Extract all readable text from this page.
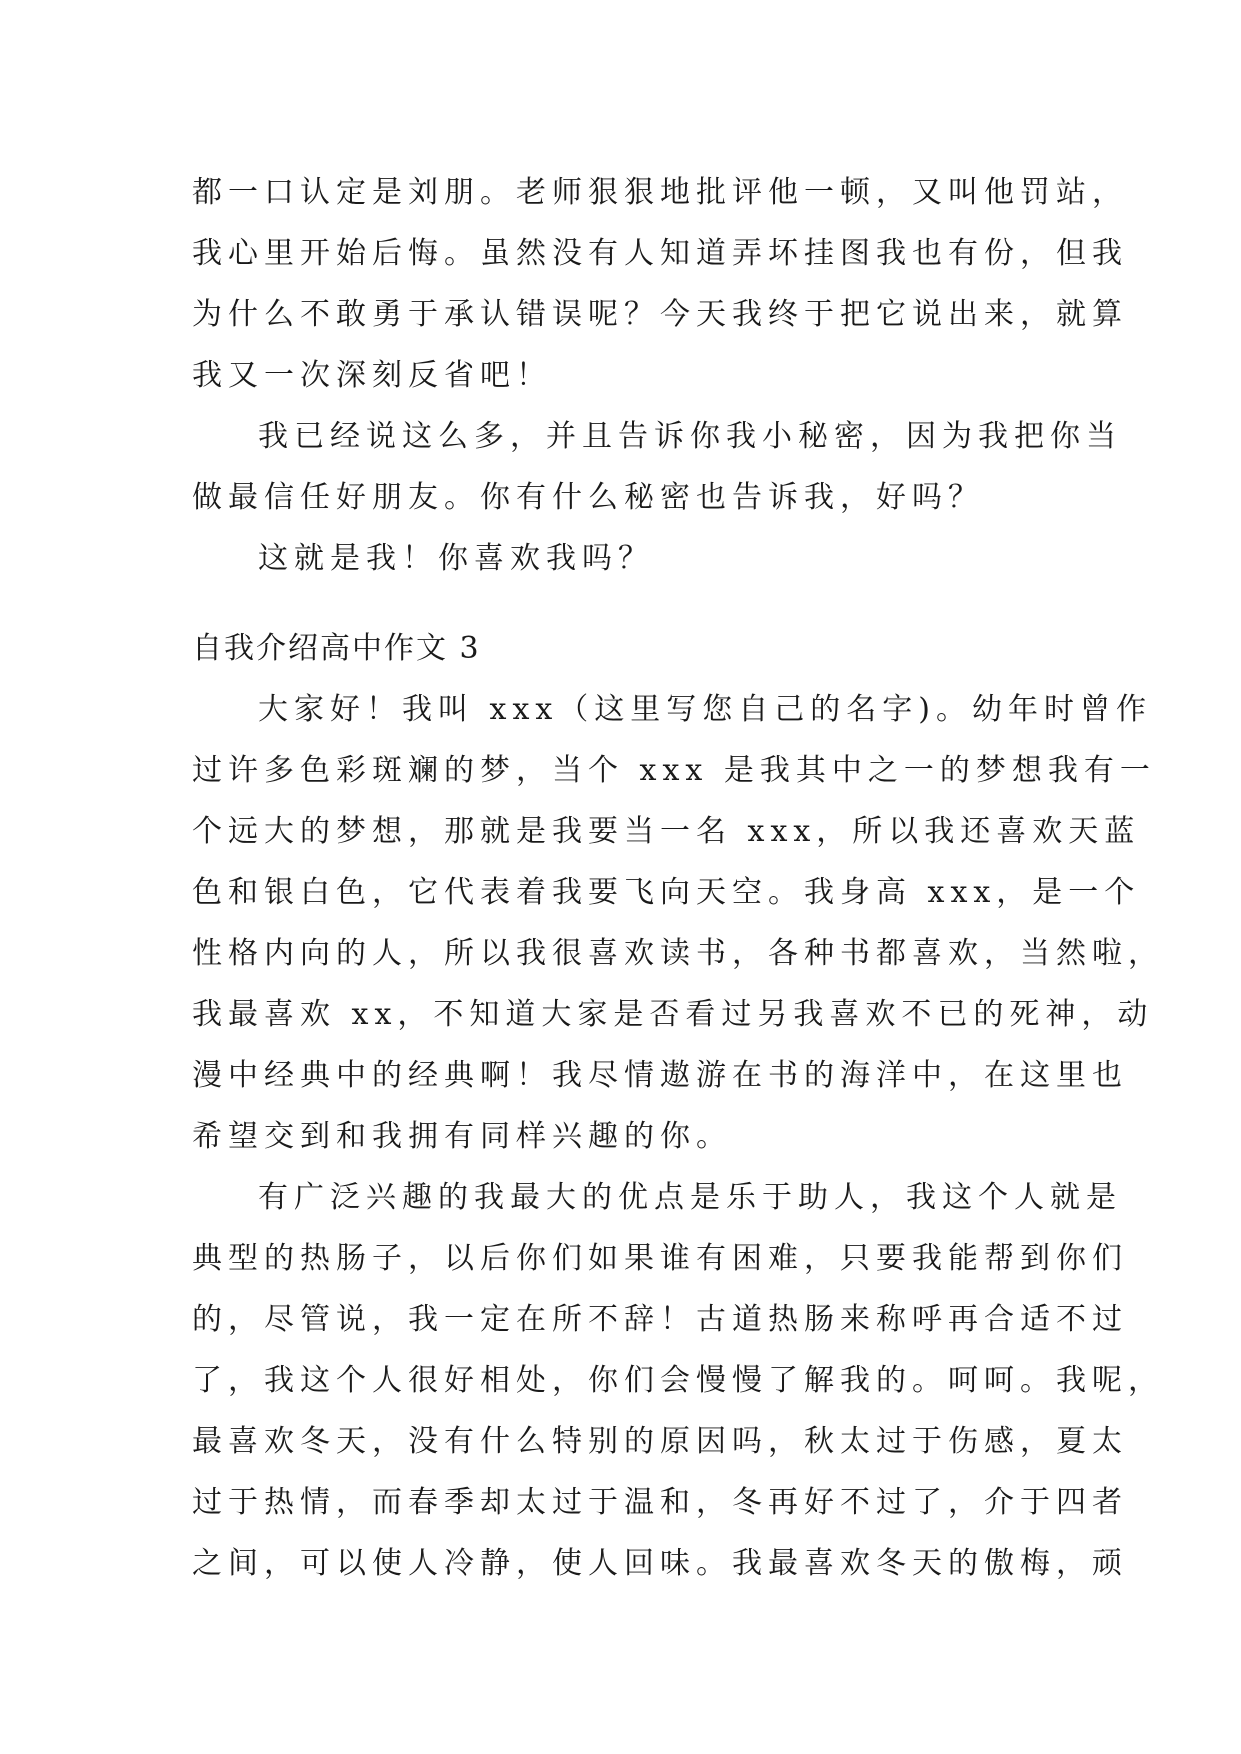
都一口认定是刘朋。老师狠狠地批评他一顿，又叫他罚站，
我心里开始后悔。虽然没有人知道弄坏挂图我也有份，但我
为什么不敢勇于承认错误呢？今天我终于把它说出来，就算
我又一次深刻反省吧！
我已经说这么多，并且告诉你我小秘密，因为我把你当
做最信任好朋友。你有什么秘密也告诉我，好吗？
这就是我！你喜欢我吗？
自我介绍高中作文 3
大家好！我叫 xxx（这里写您自己的名字)。幼年时曾作
过许多色彩斑斓的梦，当个 xxx 是我其中之一的梦想我有一
个远大的梦想，那就是我要当一名 xxx，所以我还喜欢天蓝
色和银白色，它代表着我要飞向天空。我身高 xxx，是一个
性格内向的人，所以我很喜欢读书，各种书都喜欢，当然啦，
我最喜欢 xx，不知道大家是否看过另我喜欢不已的死神，动
漫中经典中的经典啊！我尽情遨游在书的海洋中，在这里也
希望交到和我拥有同样兴趣的你。
有广泛兴趣的我最大的优点是乐于助人，我这个人就是
典型的热肠子，以后你们如果谁有困难，只要我能帮到你们
的，尽管说，我一定在所不辞！古道热肠来称呼再合适不过
了，我这个人很好相处，你们会慢慢了解我的。呵呵。我呢，
最喜欢冬天，没有什么特别的原因吗，秋太过于伤感，夏太
过于热情，而春季却太过于温和，冬再好不过了，介于四者
之间，可以使人冷静，使人回味。我最喜欢冬天的傲梅，顽
